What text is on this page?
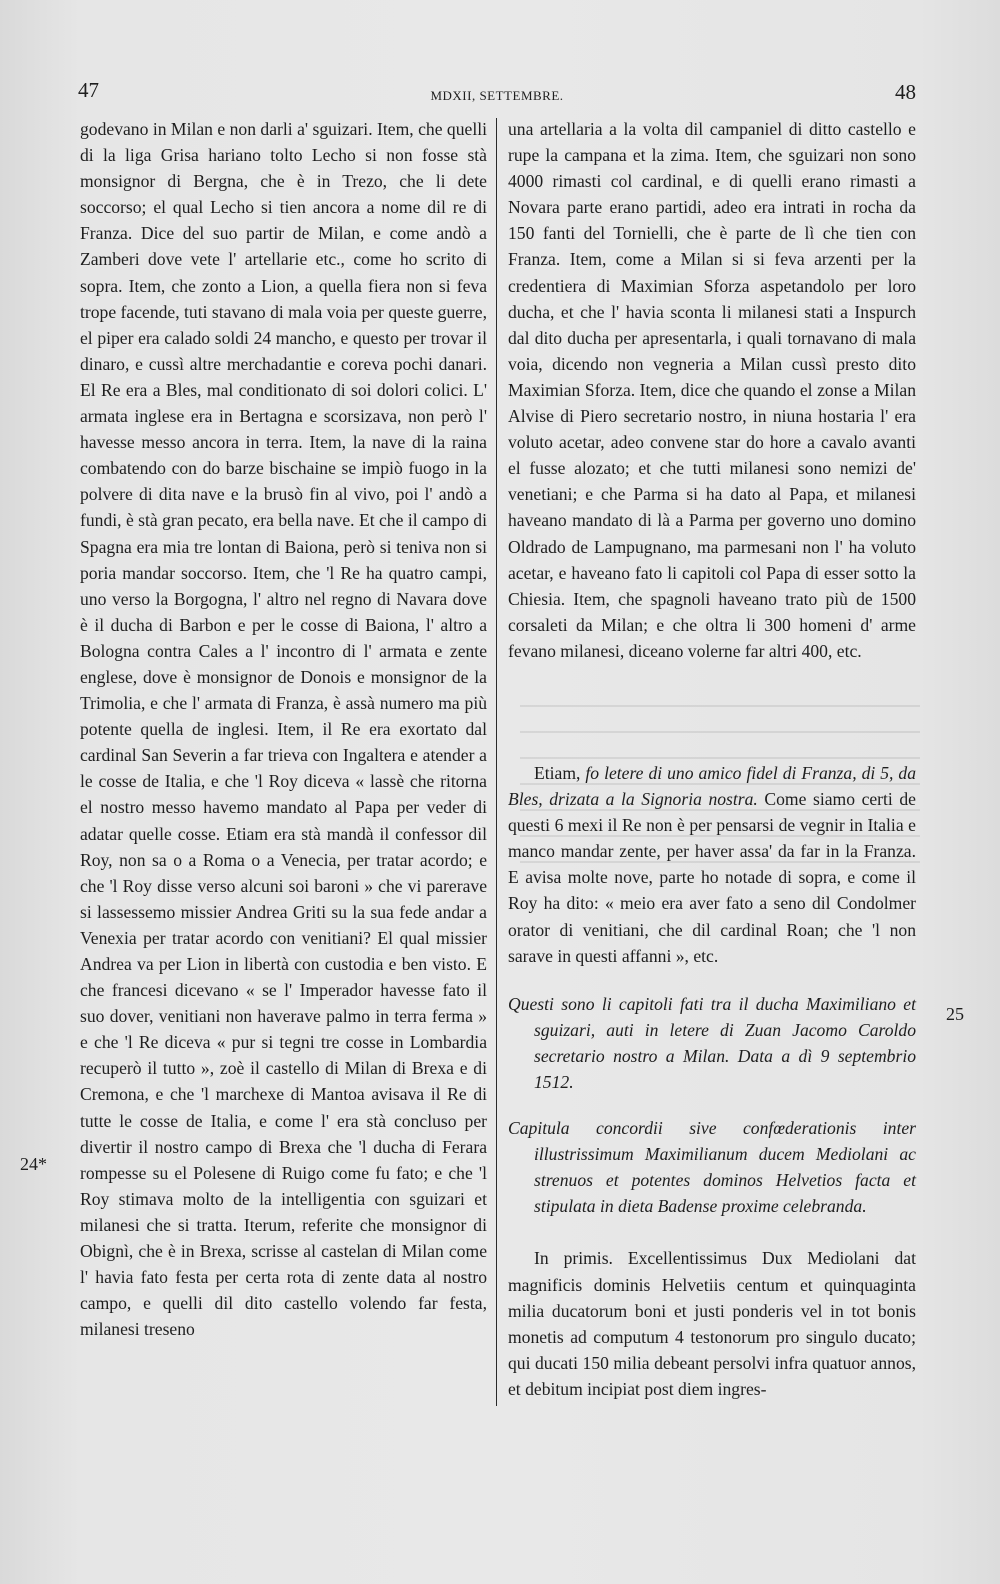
47	MDXII, SETTEMBRE.	48

godevano in Milan e non darli a' sguizari. Item, che quelli di la liga Grisa hariano tolto Lecho si non fosse stà monsignor di Bergna, che è in Trezo, che li dete soccorso; el qual Lecho si tien ancora a nome dil re di Franza. Dice del suo partir de Milan, e come andò a Zamberi dove vete l' artellarie etc., come ho scrito di sopra. Item, che zonto a Lion, a quella fiera non si feva trope facende, tuti stavano di mala voia per queste guerre, el piper era calado soldi 24 mancho, e questo per trovar il dinaro, e cussì altre merchadantie e coreva pochi danari. El Re era a Bles, mal conditionato di soi dolori colici. L' armata inglese era in Bertagna e scorsizava, non però l' havesse messo ancora in terra. Item, la nave di la raina combatendo con do barze bischaine se impiò fuogo in la polvere di dita nave e la brusò fin al vivo, poi l' andò a fundi, è stà gran pecato, era bella nave. Et che il campo di Spagna era mia tre lontan di Baiona, però si teniva non si poria mandar soccorso. Item, che 'l Re ha quatro campi, uno verso la Borgogna, l' altro nel regno di Navara dove è il ducha di Barbon e per le cosse di Baiona, l' altro a Bologna contra Cales a l' incontro di l' armata e zente englese, dove è monsignor de Donois e monsignor de la Trimolia, e che l' armata di Franza, è assà numero ma più potente quella de inglesi. Item, il Re era exortato dal cardinal San Severin a far trieva con Ingaltera e atender a le cosse de Italia, e che 'l Roy diceva « lassè che ritorna el nostro messo havemo mandato al Papa per veder di adatar quelle cosse. Etiam era stà mandà il confessor dil Roy, non sa o a Roma o a Venecia, per tratar acordo; e che 'l Roy disse verso alcuni soi baroni » che vi parerave si lassessemo missier Andrea Griti su la sua fede andar a Venexia per tratar acordo con venitiani? El qual missier Andrea va per Lion in libertà con custodia e ben visto. E che francesi dicevano « se l' Imperador havesse fato il suo dover, venitiani non haverave palmo in terra ferma » e che 'l Re diceva « pur si tegni tre cosse in Lombardia recuperò il tutto », zoè il castello di Milan di Brexa e di Cremona, e che 'l marchexe di Mantoa avisava il Re di tutte le cosse de Italia, e come l' era stà concluso per divertir il nostro campo di Brexa che 'l ducha di Ferara rompesse su el Polesene di Ruigo come fu fato; e che 'l Roy stimava molto de la intelligentia con sguizari et milanesi che si tratta. Iterum, referite che monsignor di Obignì, che è in Brexa, scrisse al castelan di Milan come l' havia fato festa per certa rota di zente data al nostro campo, e quelli dil dito castello volendo far festa, milanesi treseno

24*
25

una artellaria a la volta dil campaniel di ditto castello e rupe la campana et la zima. Item, che sguizari non sono 4000 rimasti col cardinal, e di quelli erano rimasti a Novara parte erano partidi, adeo era intrati in rocha da 150 fanti del Tornielli, che è parte de lì che tien con Franza. Item, come a Milan si si feva arzenti per la credentiera di Maximian Sforza aspetandolo per loro ducha, et che l' havia sconta li milanesi stati a Inspurch dal dito ducha per apresentarla, i quali tornavano di mala voia, dicendo non vegneria a Milan cussì presto dito Maximian Sforza. Item, dice che quando el zonse a Milan Alvise di Piero secretario nostro, in niuna hostaria l' era voluto acetar, adeo convene star do hore a cavalo avanti el fusse alozato; et che tutti milanesi sono nemizi de' venetiani; e che Parma si ha dato al Papa, et milanesi haveano mandato di là a Parma per governo uno domino Oldrado de Lampugnano, ma parmesani non l' ha voluto acetar, e haveano fato li capitoli col Papa di esser sotto la Chiesia. Item, che spagnoli haveano trato più de 1500 corsaleti da Milan; e che oltra li 300 homeni d' arme fevano milanesi, diceano volerne far altri 400, etc.

Etiam, fo letere di uno amico fidel di Franza, di 5, da Bles, drizata a la Signoria nostra. Come siamo certi de questi 6 mexi il Re non è per pensarsi de vegnir in Italia e manco mandar zente, per haver assa' da far in la Franza. E avisa molte nove, parte ho notade di sopra, e come il Roy ha dito: « meio era aver fato a seno dil Condolmer orator di venitiani, che dil cardinal Roan; che 'l non sarave in questi affanni », etc.

Questi sono li capitoli fati tra il ducha Maximiliano et sguizari, auti in letere di Zuan Jacomo Caroldo secretario nostro a Milan. Data a dì 9 septembrio 1512.

Capitula concordii sive confœderationis inter illustrissimum Maximilianum ducem Mediolani ac strenuos et potentes dominos Helvetios facta et stipulata in dieta Badense proxime celebranda.

In primis. Excellentissimus Dux Mediolani dat magnificis dominis Helvetiis centum et quinquaginta milia ducatorum boni et justi ponderis vel in tot bonis monetis ad computum 4 testonorum pro singulo ducato; qui ducati 150 milia debeant persolvi infra quatuor annos, et debitum incipiat post diem ingres-
